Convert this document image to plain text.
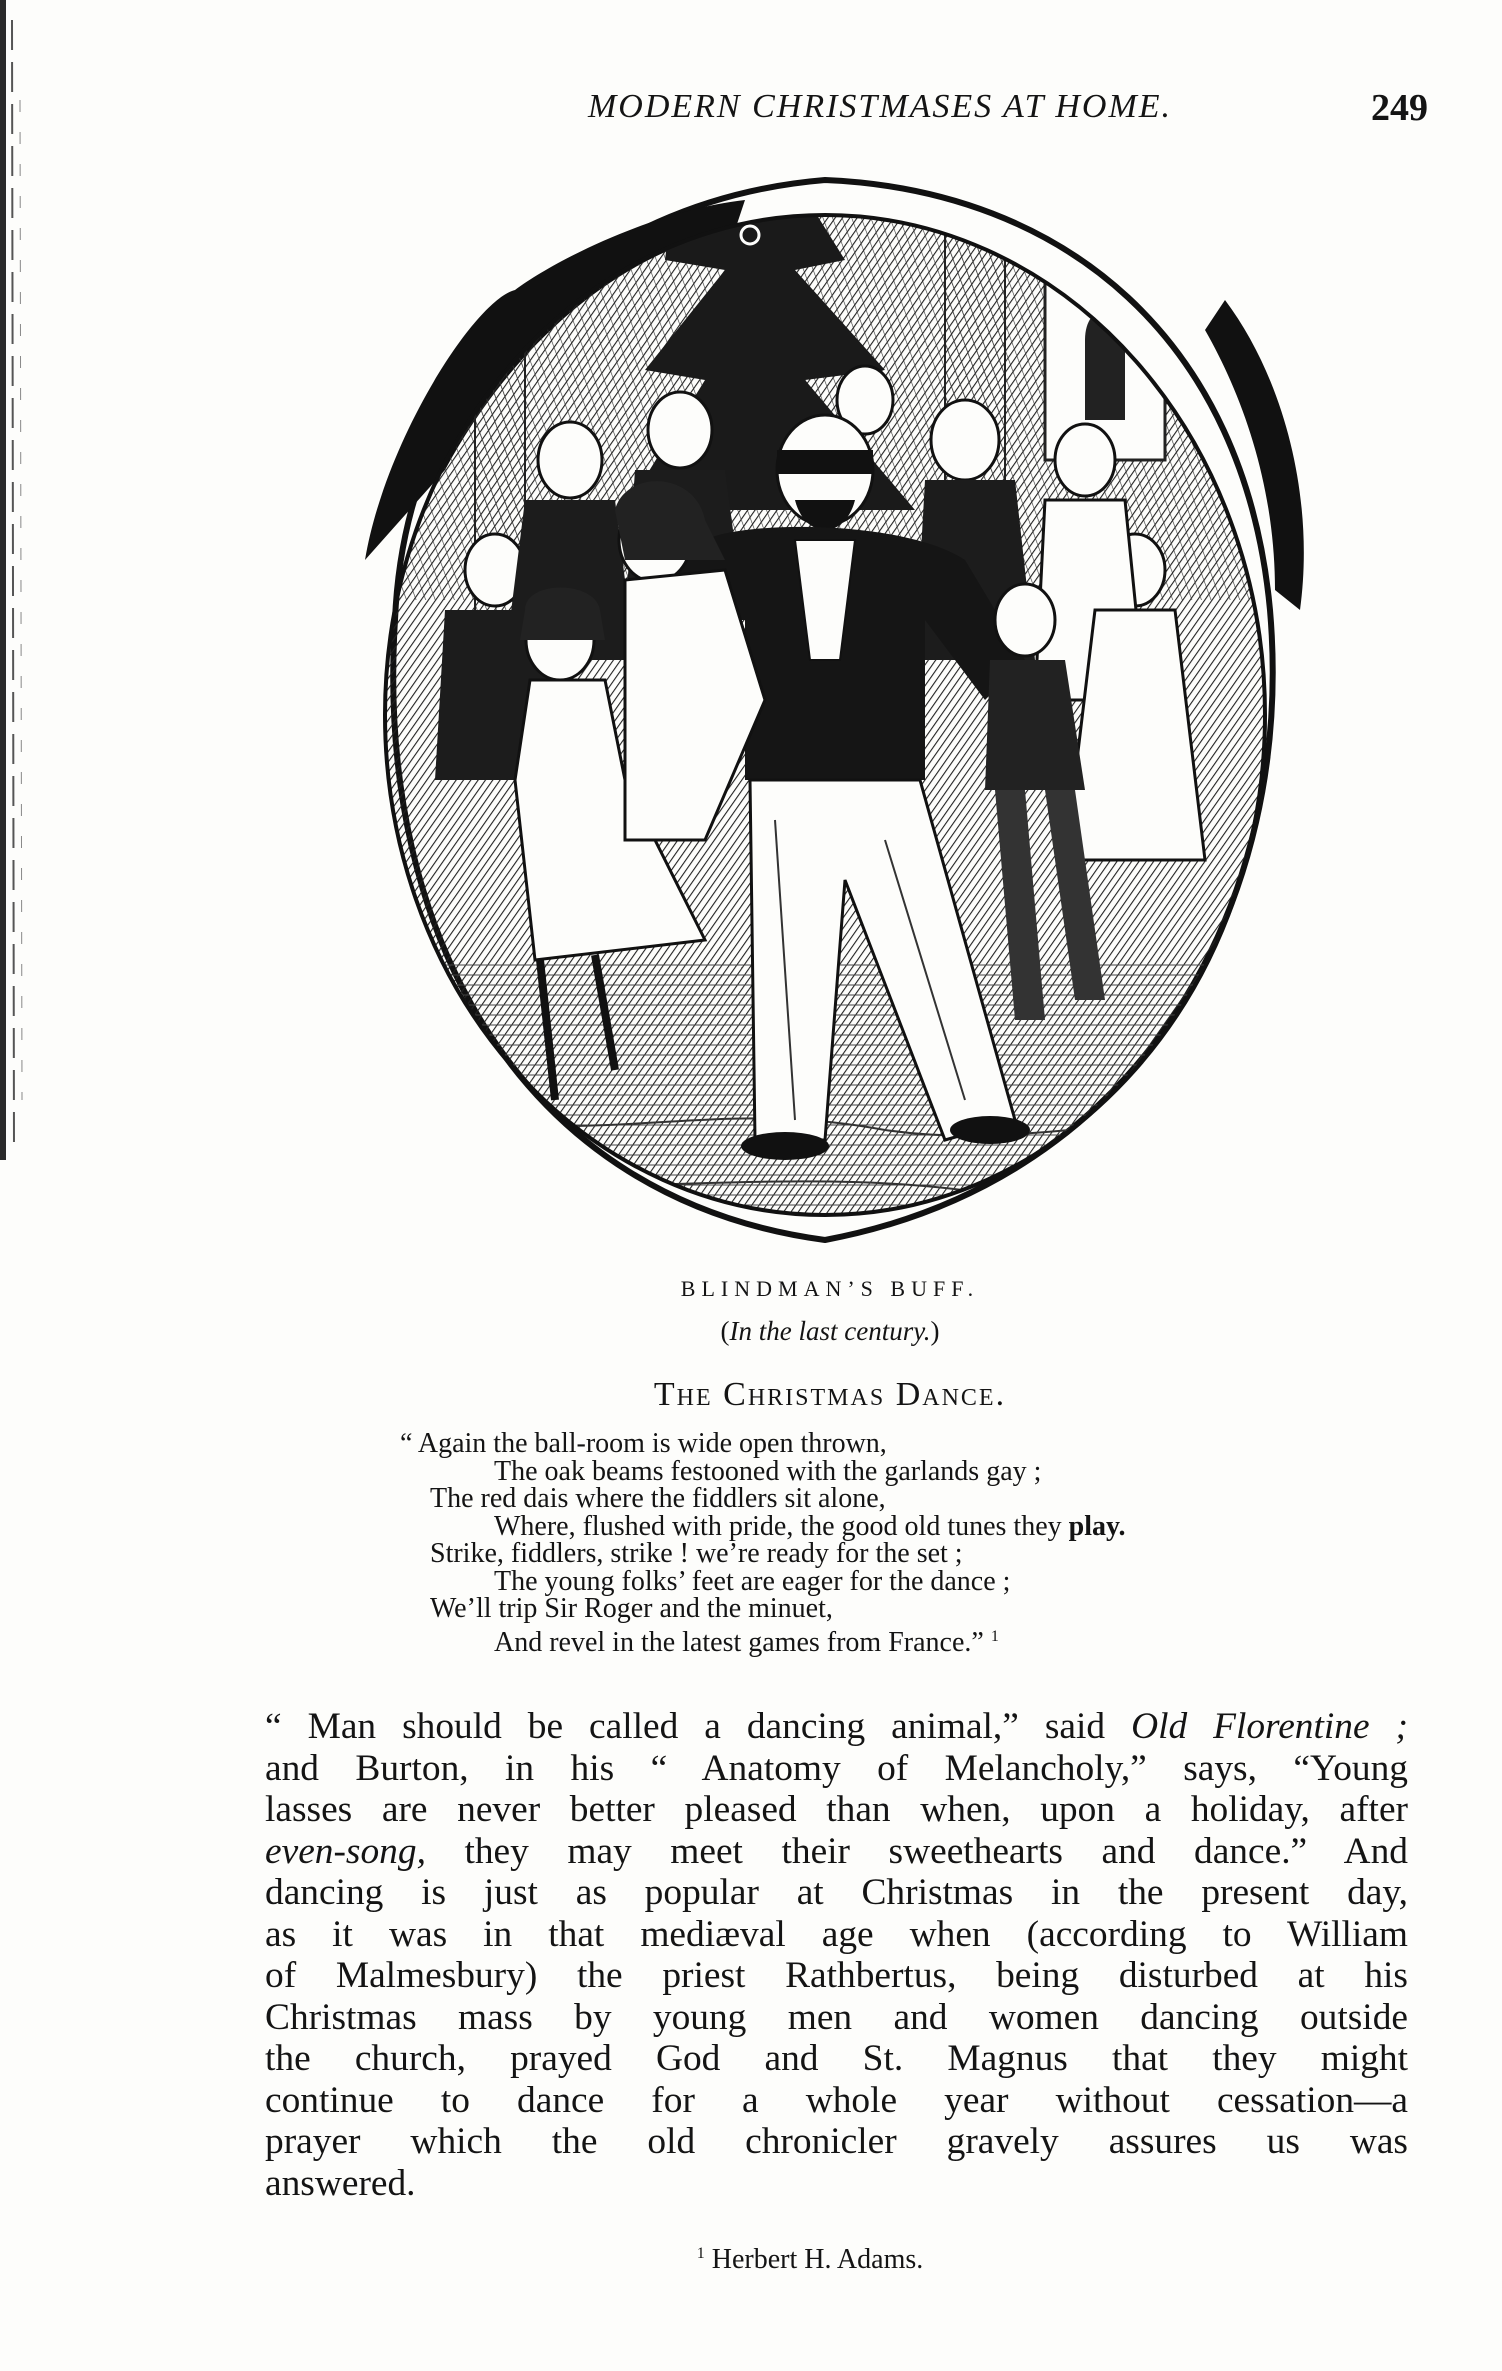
MODERN CHRISTMASES AT HOME.	249
BLINDMAN’S BUFF.
(In the last century.)
The Christmas Dance.
“ Again the ball-room is wide open thrown,
The oak beams festooned with the garlands gay ;
The red dais where the fiddlers sit alone,
Where, flushed with pride, the good old tunes they play.
Strike, fiddlers, strike ! we’re ready for the set ;
The young folks’ feet are eager for the dance ;
We’ll trip Sir Roger and the minuet,
And revel in the latest games from France.” $^1$
“ Man should be called a dancing animal,” said Old Florentine ;
and Burton, in his “ Anatomy of Melancholy,” says, “Young
lasses are never better pleased than when, upon a holiday, after
even-song, they may meet their sweethearts and dance.” And
dancing is just as popular at Christmas in the present day,
as it was in that mediæval age when (according to William
of Malmesbury) the priest Rathbertus, being disturbed at his
Christmas mass by young men and women dancing outside
the church, prayed God and St. Magnus that they might
continue to dance for a whole year without cessation—a
prayer which the old chronicler gravely assures us was
answered.
$^1$ Herbert H. Adams.
